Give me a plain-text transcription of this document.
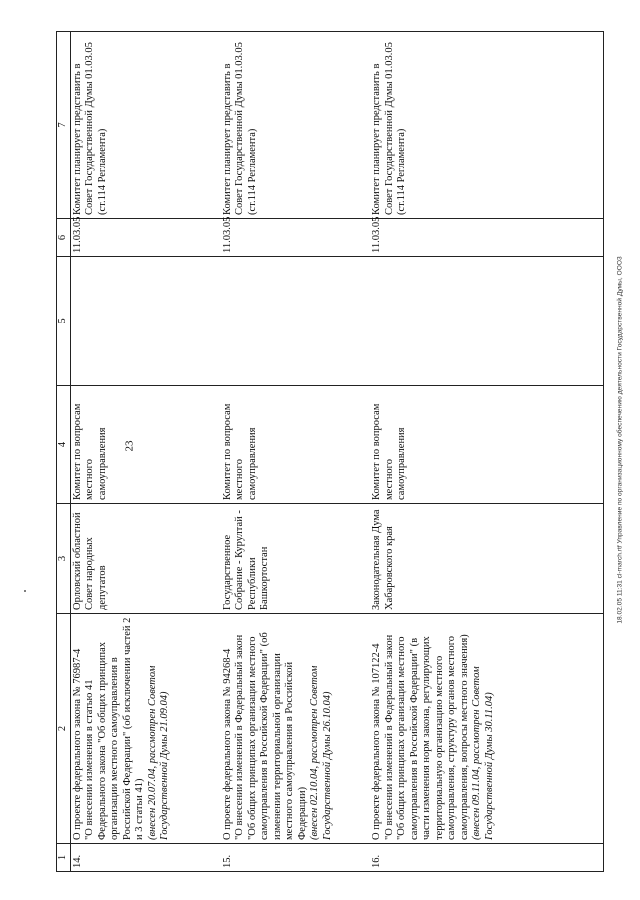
23
1	2	3	4	5	6	7
14.	О проекте федерального закона № 76987-4 "О внесении изменения в статью 41 Федерального закона "Об общих принципах организации местного самоуправления в Российской Федерации" (об исключении частей 2 и 3 статьи 41) (внесен 20.07.04, рассмотрен Советом Государственной Думы 21.09.04)	Орловский областной Совет народных депутатов	Комитет по вопросам местного самоуправления		11.03.05	Комитет планирует представить в Совет Государственной Думы 01.03.05 (ст.114 Регламента)
15.	О проекте федерального закона № 94268-4 "О внесении изменений в Федеральный закон "Об общих принципах организации местного самоуправления в Российской Федерации" (об изменении территориальной организации местного самоуправления в Российской Федерации) (внесен 02.10.04, рассмотрен Советом Государственной Думы 26.10.04)	Государственное Собрание - Курултай - Республики Башкортостан	Комитет по вопросам местного самоуправления		11.03.05	Комитет планирует представить в Совет Государственной Думы 01.03.05 (ст.114 Регламента)
16.	О проекте федерального закона № 107122-4 "О внесении изменений в Федеральный закон "Об общих принципах организации местного самоуправления в Российской Федерации" (в части изменения норм закона, регулирующих территориальную организацию местного самоуправления, структуру органов местного самоуправления, вопросы местного значения) (внесен 09.11.04, рассмотрен Советом Государственной Думы 30.11.04)	Законодательная Дума Хабаровского края	Комитет по вопросам местного самоуправления		11.03.05	Комитет планирует представить в Совет Государственной Думы 01.03.05 (ст.114 Регламента)
18.02.05 11:31 cl-march.rtf Управление по организационному обеспечению деятельности Государственной Думы, ООО3
